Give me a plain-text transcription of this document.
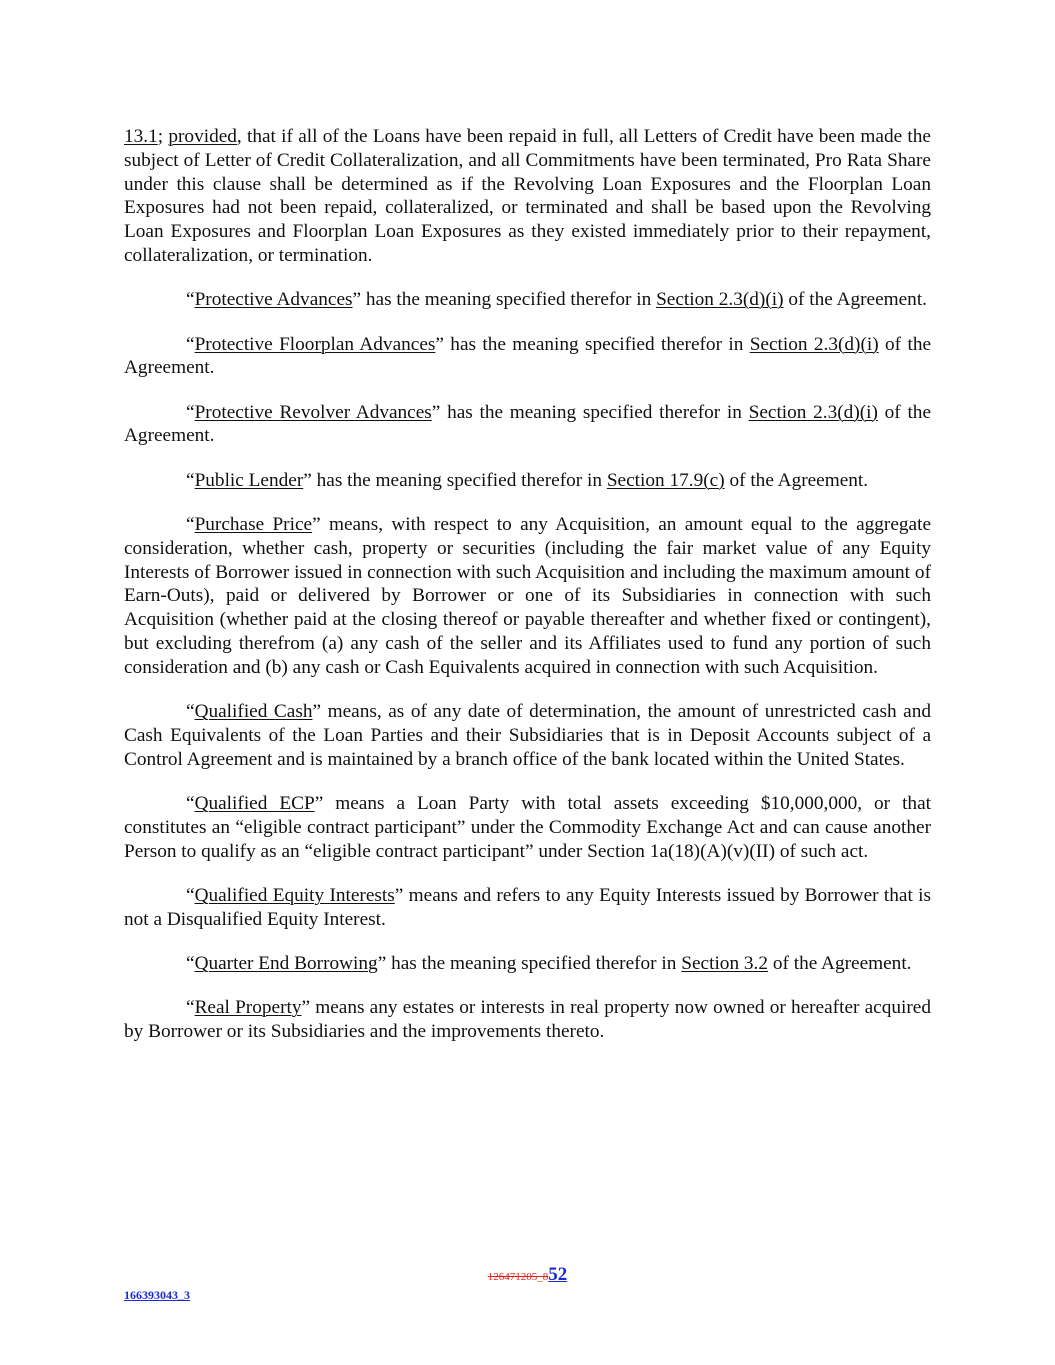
13.1; provided, that if all of the Loans have been repaid in full, all Letters of Credit have been made the subject of Letter of Credit Collateralization, and all Commitments have been terminated, Pro Rata Share under this clause shall be determined as if the Revolving Loan Exposures and the Floorplan Loan Exposures had not been repaid, collateralized, or terminated and shall be based upon the Revolving Loan Exposures and Floorplan Loan Exposures as they existed immediately prior to their repayment, collateralization, or termination.

“Protective Advances” has the meaning specified therefor in Section 2.3(d)(i) of the Agreement.

“Protective Floorplan Advances” has the meaning specified therefor in Section 2.3(d)(i) of the Agreement.

“Protective Revolver Advances” has the meaning specified therefor in Section 2.3(d)(i) of the Agreement.

“Public Lender” has the meaning specified therefor in Section 17.9(c) of the Agreement.

“Purchase Price” means, with respect to any Acquisition, an amount equal to the aggregate consideration, whether cash, property or securities (including the fair market value of any Equity Interests of Borrower issued in connection with such Acquisition and including the maximum amount of Earn-Outs), paid or delivered by Borrower or one of its Subsidiaries in connection with such Acquisition (whether paid at the closing thereof or payable thereafter and whether fixed or contingent), but excluding therefrom (a) any cash of the seller and its Affiliates used to fund any portion of such consideration and (b) any cash or Cash Equivalents acquired in connection with such Acquisition.

“Qualified Cash” means, as of any date of determination, the amount of unrestricted cash and Cash Equivalents of the Loan Parties and their Subsidiaries that is in Deposit Accounts subject of a Control Agreement and is maintained by a branch office of the bank located within the United States.

“Qualified ECP” means a Loan Party with total assets exceeding $10,000,000, or that constitutes an “eligible contract participant” under the Commodity Exchange Act and can cause another Person to qualify as an “eligible contract participant” under Section 1a(18)(A)(v)(II) of such act.

“Qualified Equity Interests” means and refers to any Equity Interests issued by Borrower that is not a Disqualified Equity Interest.

“Quarter End Borrowing” has the meaning specified therefor in Section 3.2 of the Agreement.

“Real Property” means any estates or interests in real property now owned or hereafter acquired by Borrower or its Subsidiaries and the improvements thereto.

126471205_852
166393043_3
